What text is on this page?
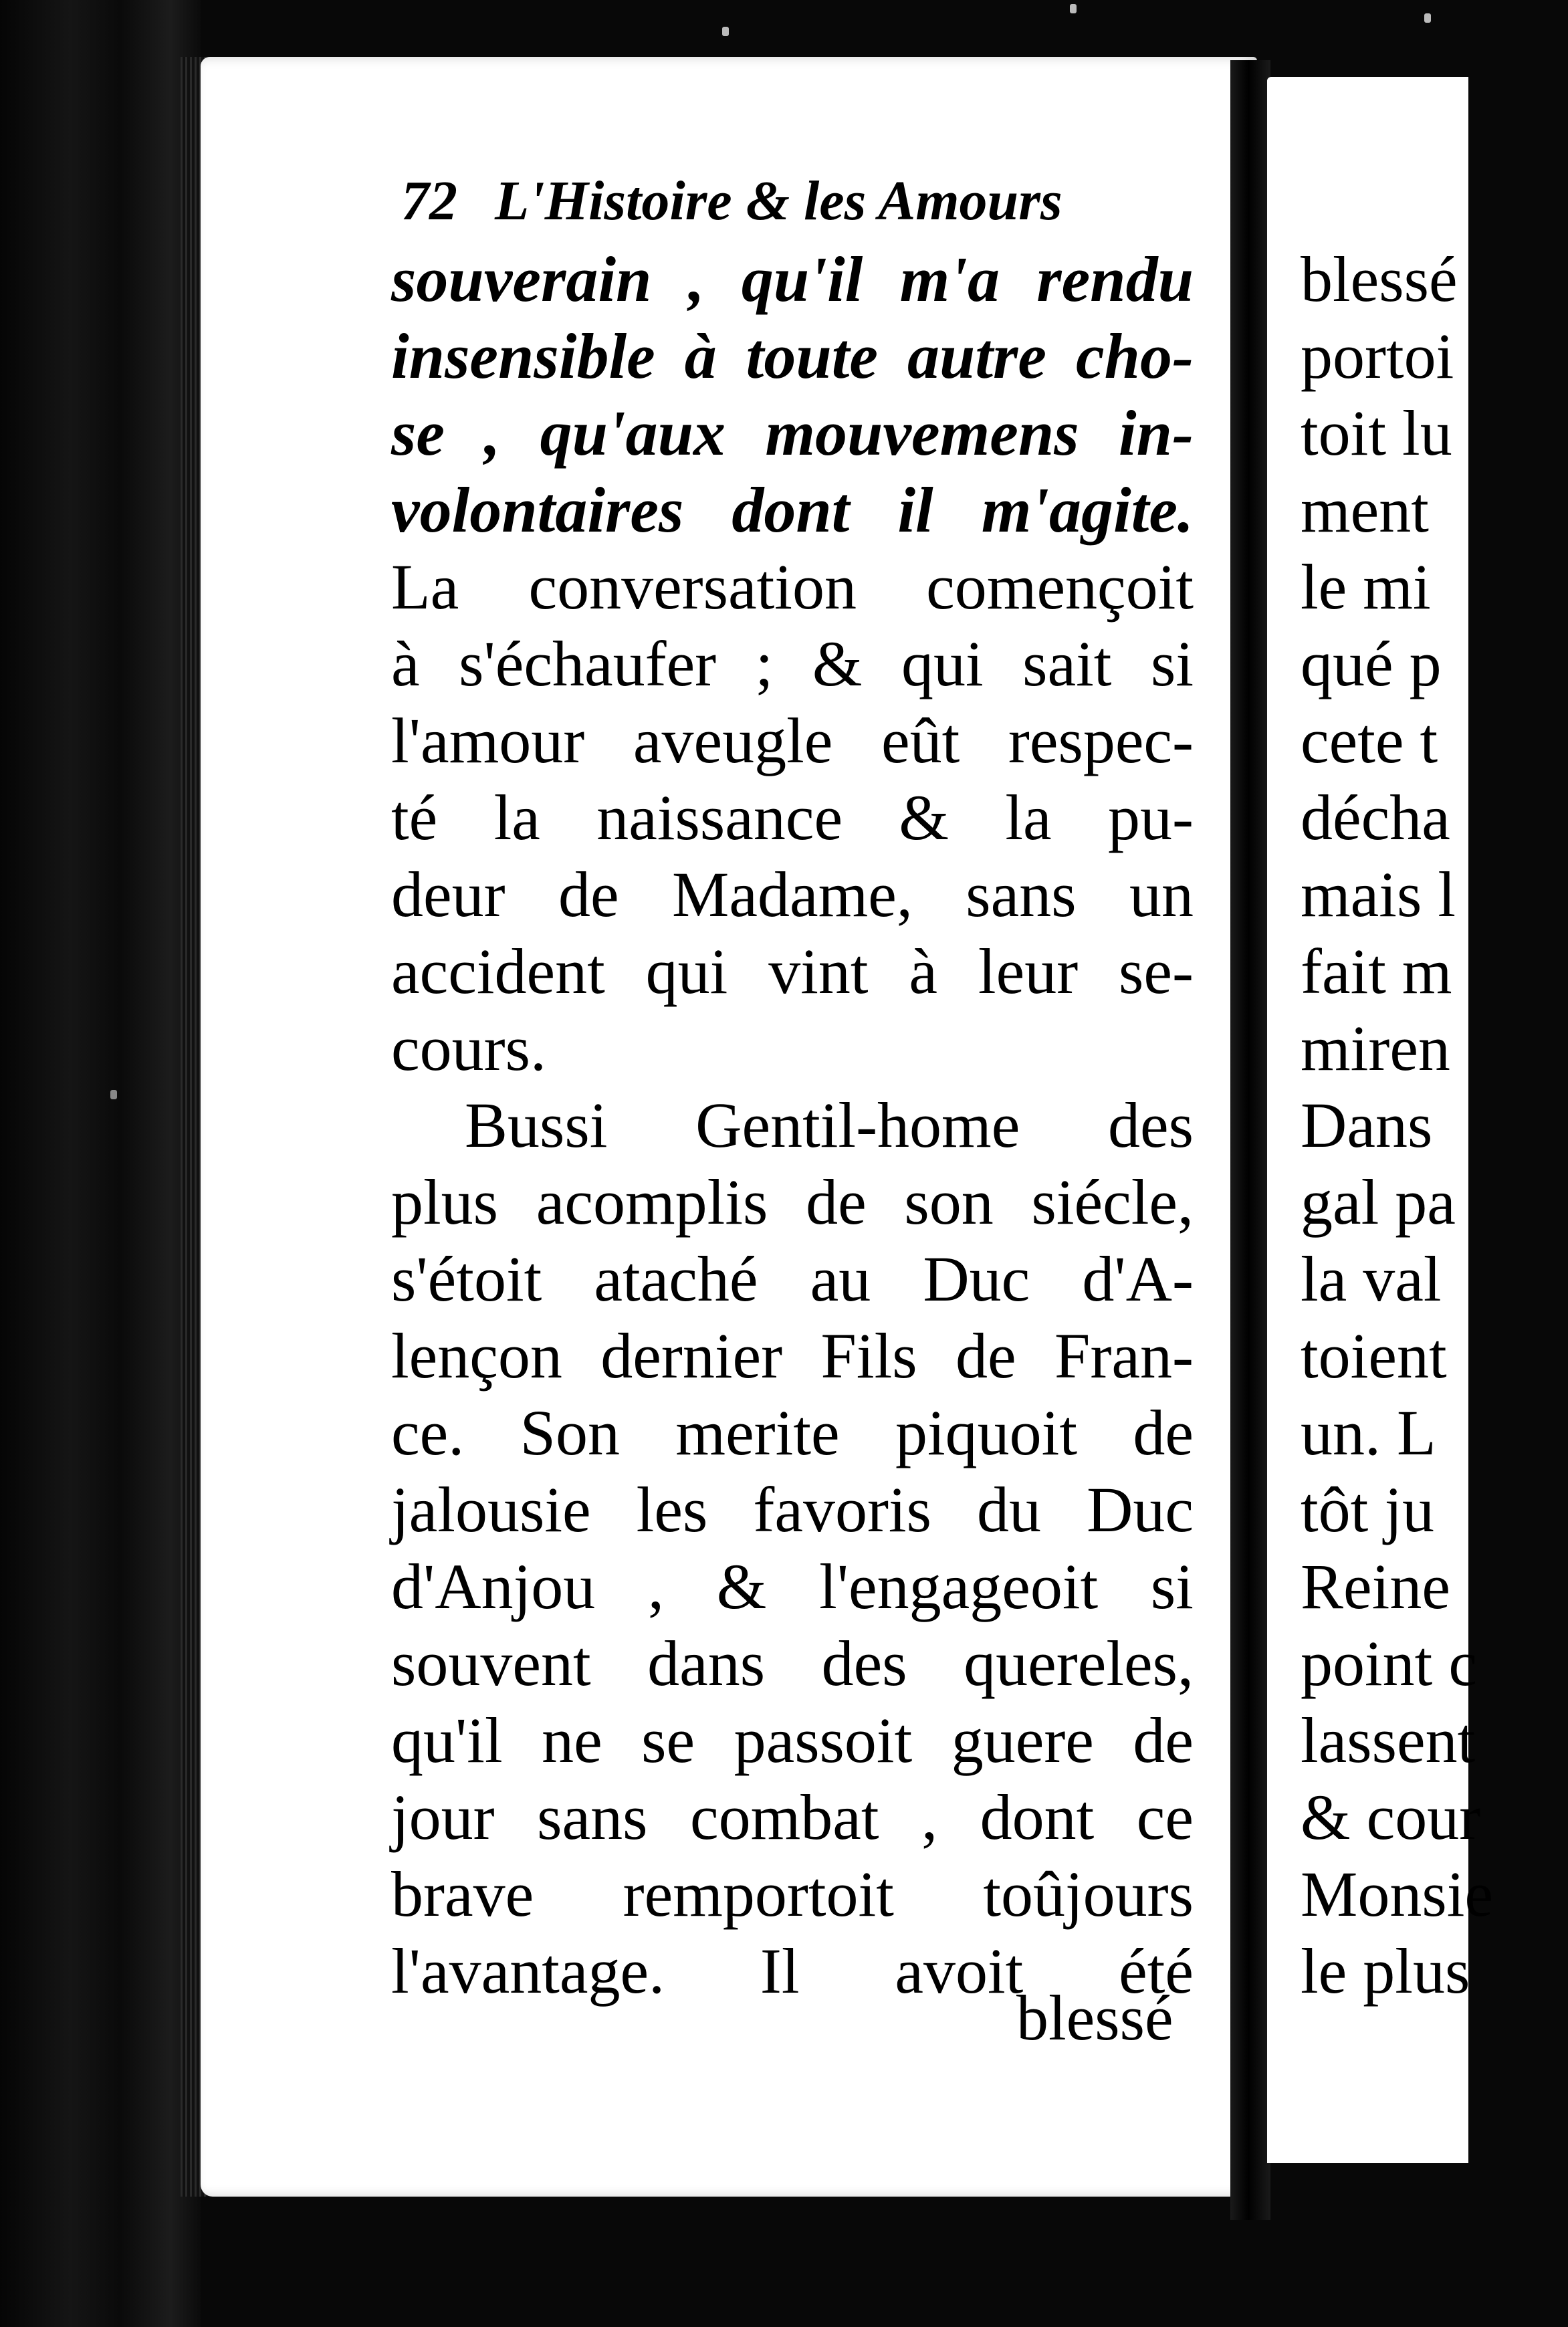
72 L'Histoire & les Amours
souverain , qu'il m'a rendu
insensible à toute autre cho-
se , qu'aux mouvemens in-
volontaires dont il m'agite.
La conversation començoit
à s'échaufer ; & qui sait si
l'amour aveugle eût respec-
té la naissance & la pu-
deur de Madame, sans un
accident qui vint à leur se-
cours.
Bussi Gentil-home des
plus acomplis de son siécle,
s'étoit ataché au Duc d'A-
lençon dernier Fils de Fran-
ce. Son merite piquoit de
jalousie les favoris du Duc
d'Anjou , & l'engageoit si
souvent dans des quereles,
qu'il ne se passoit guere de
jour sans combat , dont ce
brave remportoit toûjours
l'avantage. Il avoit été
blessé
blessé
portoi
toit lu
ment
le mi
qué p
cete t
décha
mais l
fait m
miren
Dans
gal pa
la val
toient
un. L
tôt ju
Reine
point c
lassent
& cour
Monsie
le plus
